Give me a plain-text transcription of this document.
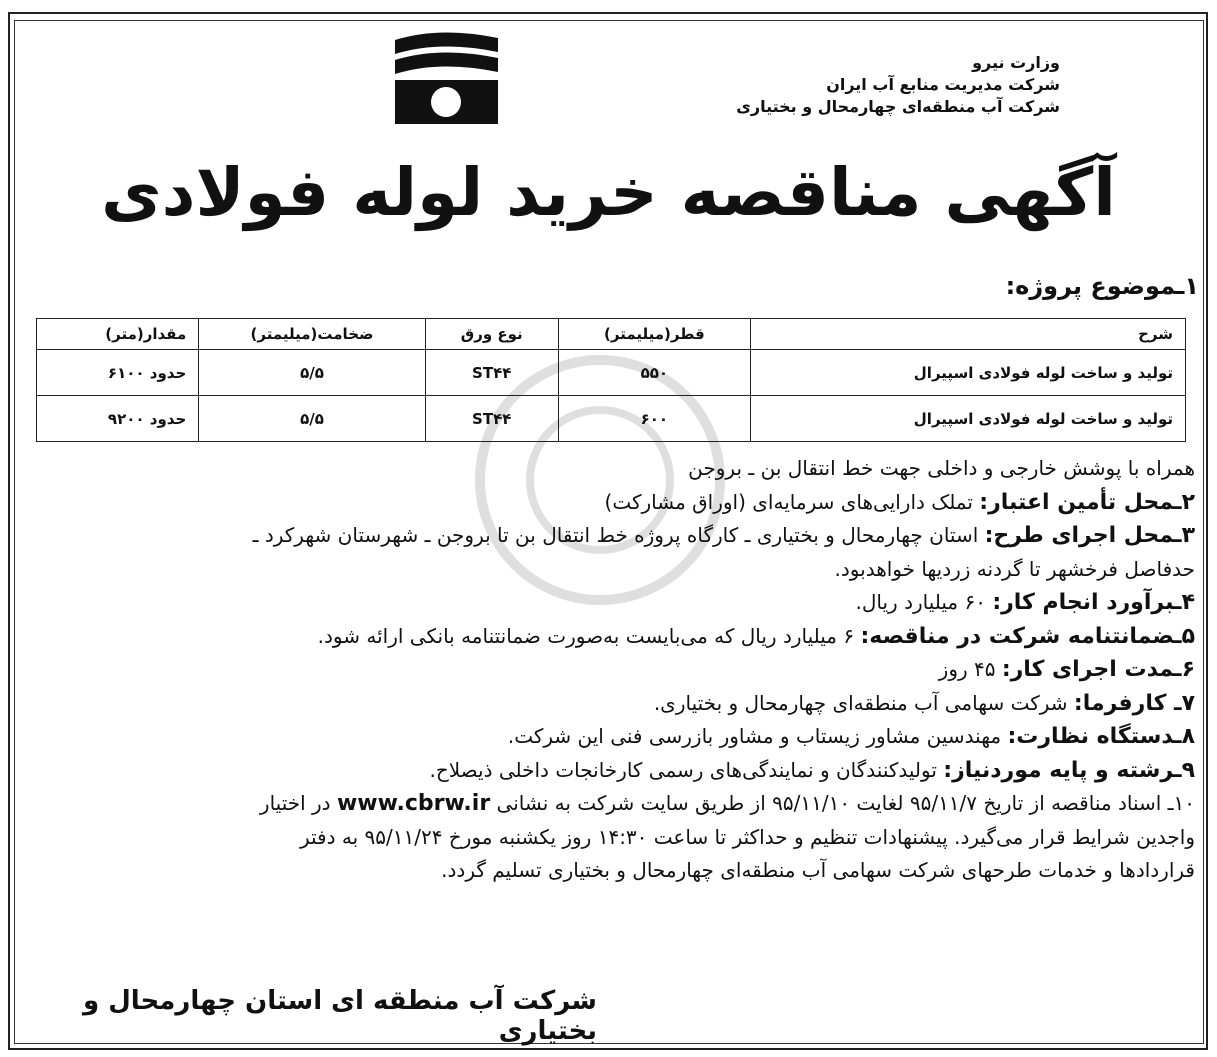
وزارت نیرو
شرکت مدیریت منابع آب ایران
شرکت آب منطقه‌ای چهارمحال و بختیاری
آگهی مناقصه خرید لوله فولادی
۱ـموضوع پروژه:
شرح	قطر(میلیمتر)	نوع ورق	ضخامت(میلیمتر)	مقدار(متر)
تولید و ساخت لوله فولادی اسپیرال	۵۵۰	ST۴۴	۵/۵	حدود ۶۱۰۰
تولید و ساخت لوله فولادی اسپیرال	۶۰۰	ST۴۴	۵/۵	حدود ۹۲۰۰

همراه با پوشش خارجی و داخلی جهت خط انتقال بن ـ بروجن

۲ـمحل تأمین اعتبار: تملک دارایی‌های سرمایه‌ای (اوراق مشارکت)

۳ـمحل اجرای طرح: استان چهارمحال و بختیاری ـ کارگاه پروژه خط انتقال بن تا بروجن ـ شهرستان شهرکرد ـ

حدفاصل فرخشهر تا گردنه زردیها خواهدبود.

۴ـبرآورد انجام کار: ۶۰ میلیارد ریال.

۵ـضمانتنامه شرکت در مناقصه: ۶ میلیارد ریال که می‌بایست به‌صورت ضمانتنامه بانکی ارائه شود.

۶ـمدت اجرای کار: ۴۵ روز

۷ـ کارفرما: شرکت سهامی آب منطقه‌ای چهارمحال و بختیاری.

۸ـدستگاه نظارت: مهندسین مشاور زیستاب و مشاور بازرسی فنی این شرکت.

۹ـرشته و پایه موردنیاز: تولیدکنندگان و نمایندگی‌های رسمی کارخانجات داخلی ذیصلاح.

۱۰ـ اسناد مناقصه از تاریخ ۹۵/۱۱/۷ لغایت ۹۵/۱۱/۱۰ از طریق سایت شرکت به نشانی www.cbrw.ir در اختیار

واجدین شرایط قرار می‌گیرد. پیشنهادات تنظیم و حداکثر تا ساعت ۱۴:۳۰ روز یکشنبه مورخ ۹۵/۱۱/۲۴ به دفتر

قراردادها و خدمات طرحهای شرکت سهامی آب منطقه‌ای چهارمحال و بختیاری تسلیم گردد.

شرکت آب منطقه ای استان چهارمحال و بختیاری
